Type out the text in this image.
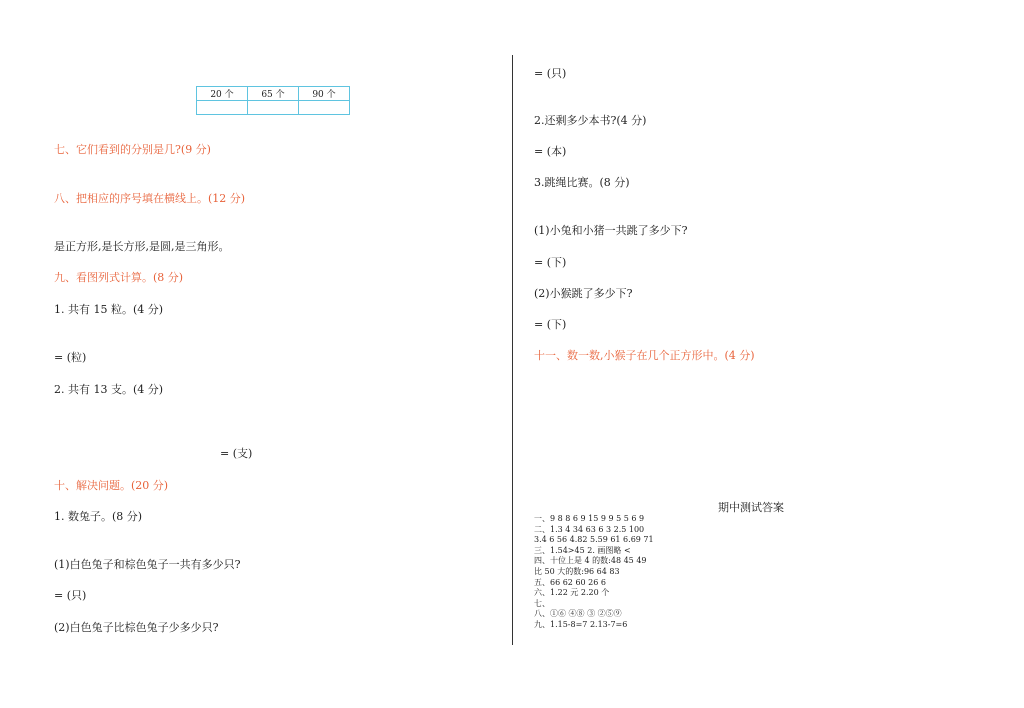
20 个	65 个	90 个

七、它们看到的分别是几?(9 分)
八、把相应的序号填在横线上。(12 分)
是正方形,是长方形,是圆,是三角形。
九、看图列式计算。(8 分)
1. 共有 15 粒。(4 分)
= (粒)
2. 共有 13 支。(4 分)
= (支)
十、解决问题。(20 分)
1. 数兔子。(8 分)
(1)白色兔子和棕色兔子一共有多少只?
= (只)
(2)白色兔子比棕色兔子少多少只?
= (只)
2.还剩多少本书?(4 分)
= (本)
3.跳绳比赛。(8 分)
(1)小兔和小猪一共跳了多少下?
= (下)
(2)小猴跳了多少下?
= (下)
十一、数一数,小猴子在几个正方形中。(4 分)
期中测试答案
一、9 8 8 6 9 15 9 9 5 5 6 9
二、1.3 4 34 63 6 3 2.5 100
3.4 6 56 4.82 5.59 61 6.69 71
三、1.54>45 2. 画图略 <
四、十位上是 4 的数:48 45 49
比 50 大的数:96 64 83
五、66 62 60 26 6
六、1.22 元 2.20 个
七、
八、①⑥ ④⑧ ③ ②⑤⑨
九、1.15-8=7 2.13-7=6
